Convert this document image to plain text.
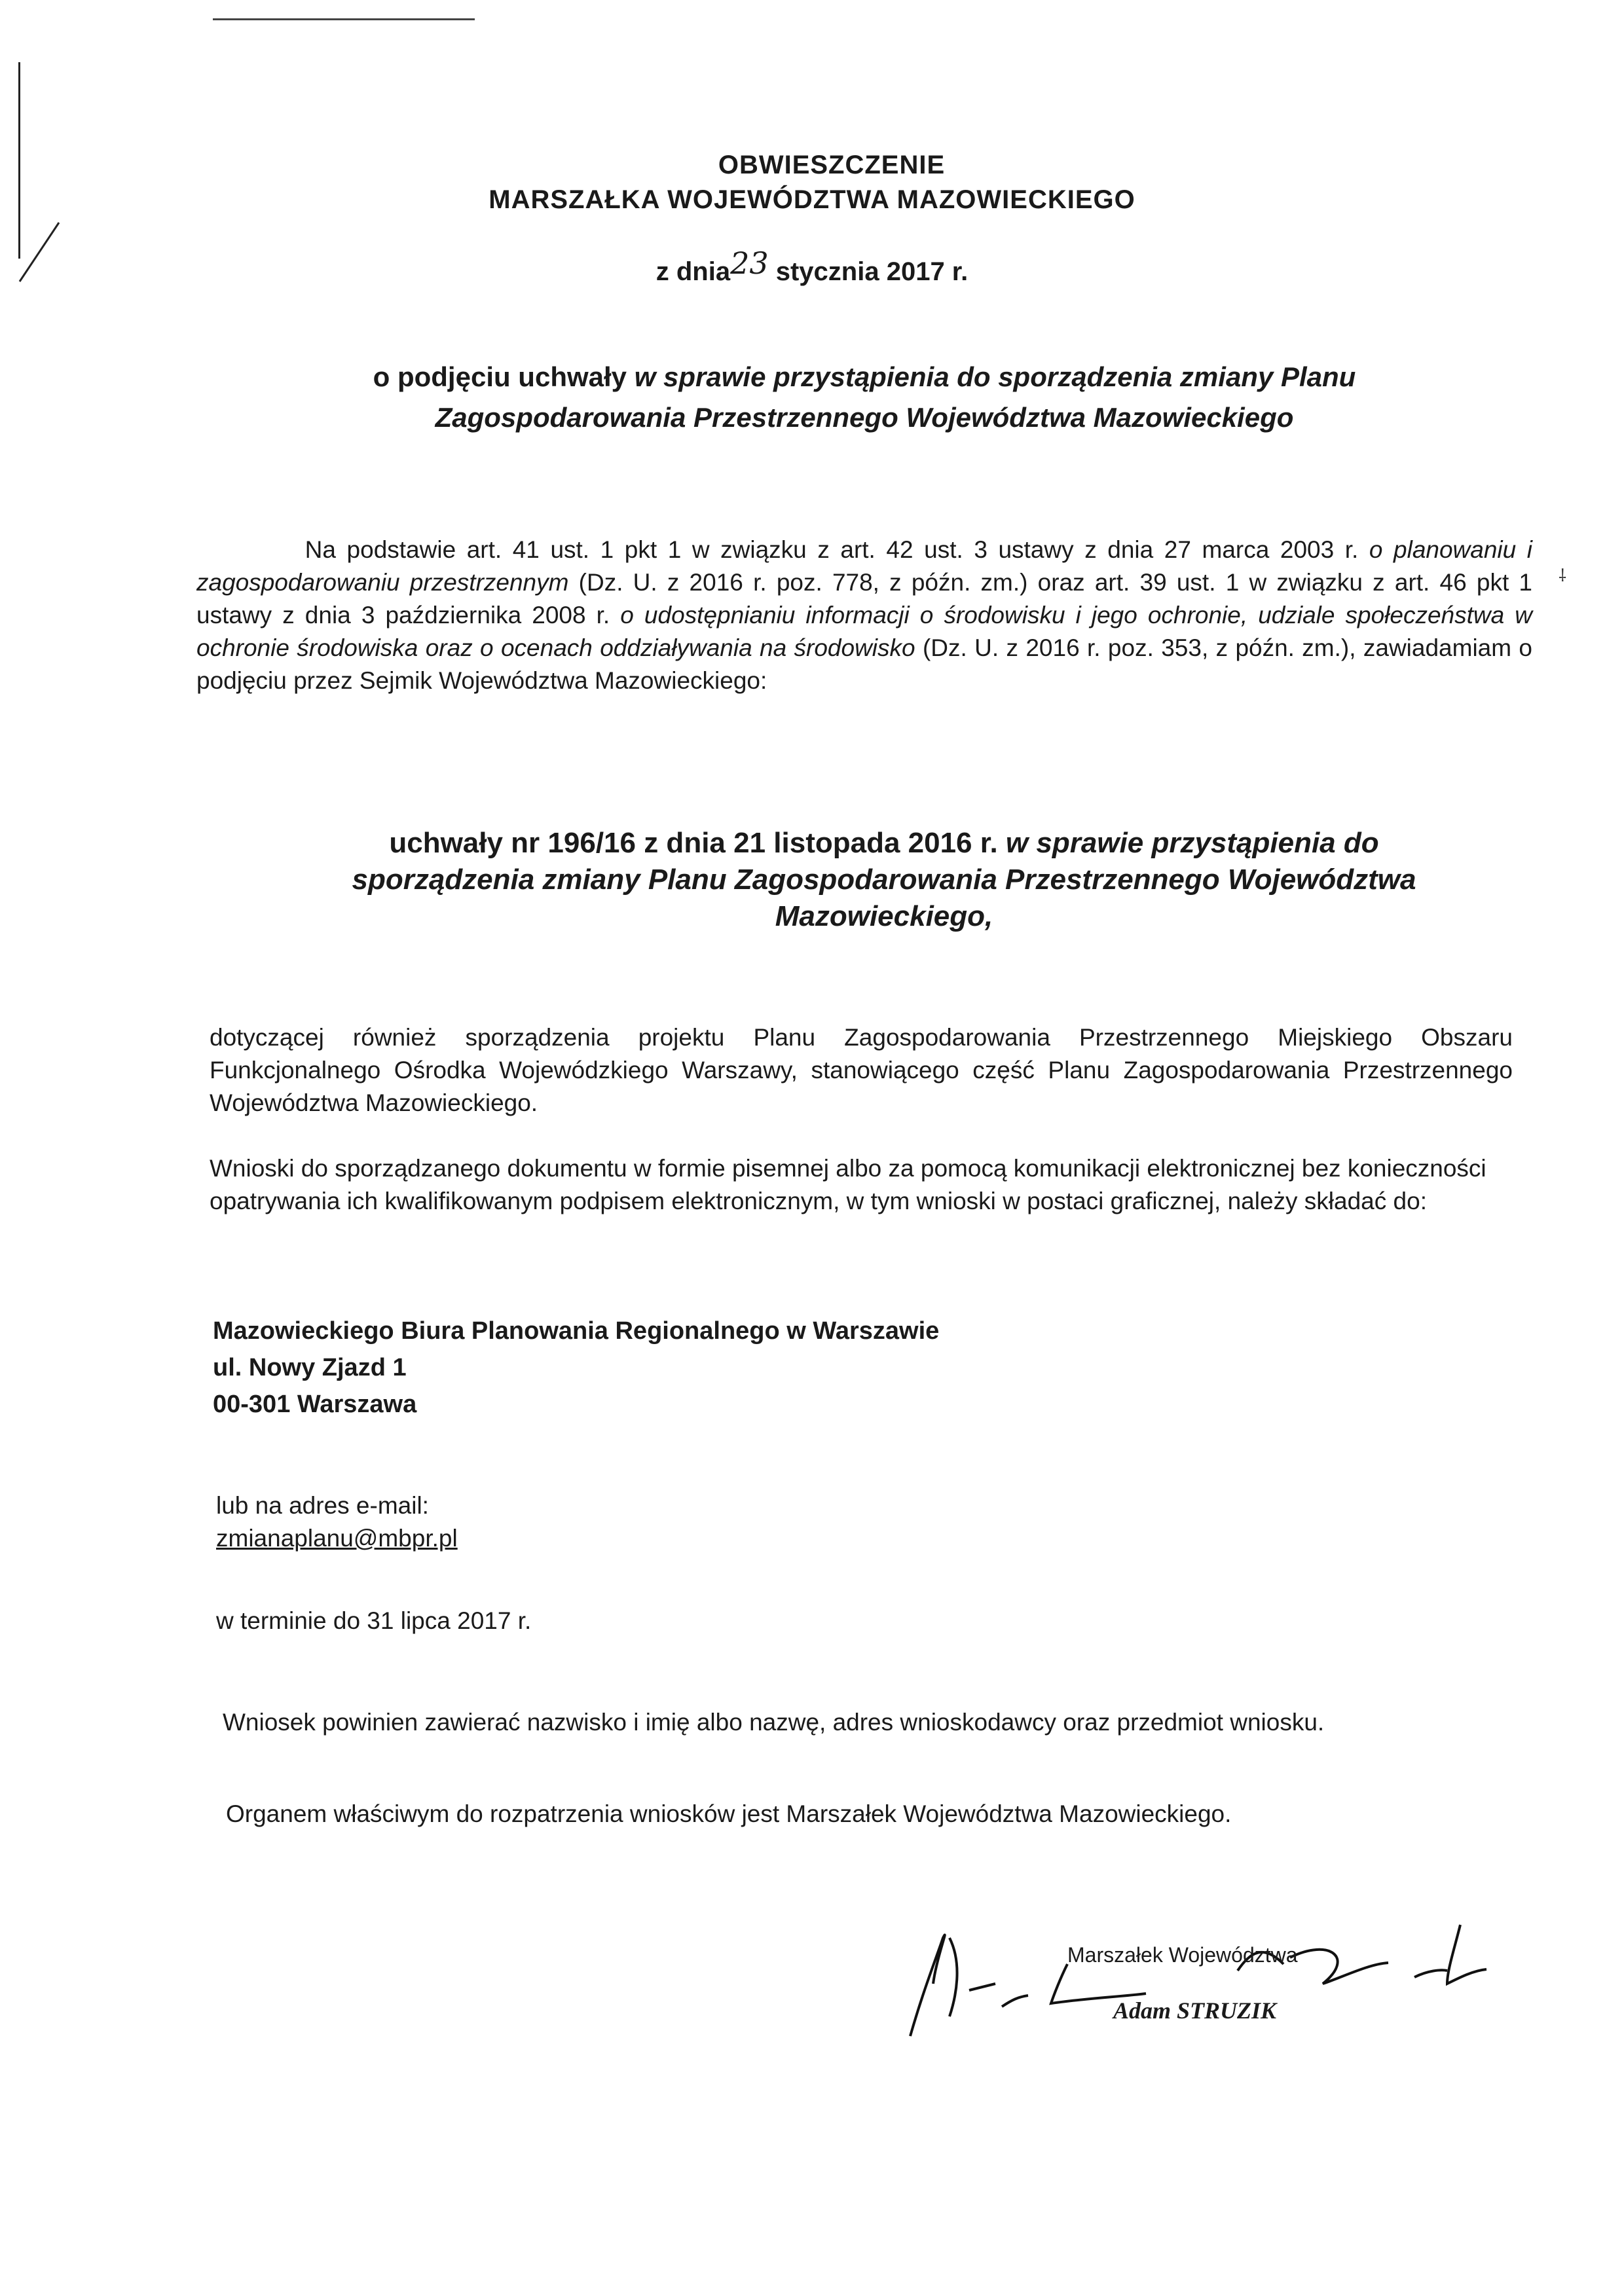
OBWIESZCZENIE
MARSZAŁKA WOJEWÓDZTWA MAZOWIECKIEGO
z dnia23 stycznia 2017 r.
o podjęciu uchwały w sprawie przystąpienia do sporządzenia zmiany Planu Zagospodarowania Przestrzennego Województwa Mazowieckiego
Na podstawie art. 41 ust. 1 pkt 1 w związku z art. 42 ust. 3 ustawy z dnia 27 marca 2003 r. o planowaniu i zagospodarowaniu przestrzennym (Dz. U. z 2016 r. poz. 778, z późn. zm.) oraz art. 39 ust. 1 w związku z art. 46 pkt 1 ustawy z dnia 3 października 2008 r. o udostępnianiu informacji o środowisku i jego ochronie, udziale społeczeństwa w ochronie środowiska oraz o ocenach oddziaływania na środowisko (Dz. U. z 2016 r. poz. 353, z późn. zm.), zawiadamiam o podjęciu przez Sejmik Województwa Mazowieckiego:
⸸
uchwały nr 196/16 z dnia 21 listopada 2016 r. w sprawie przystąpienia do sporządzenia zmiany Planu Zagospodarowania Przestrzennego Województwa Mazowieckiego,
dotyczącej również sporządzenia projektu Planu Zagospodarowania Przestrzennego Miejskiego Obszaru Funkcjonalnego Ośrodka Wojewódzkiego Warszawy, stanowiącego część Planu Zagospodarowania Przestrzennego Województwa Mazowieckiego.
Wnioski do sporządzanego dokumentu w formie pisemnej albo za pomocą komunikacji elektronicznej bez konieczności opatrywania ich kwalifikowanym podpisem elektronicznym, w tym wnioski w postaci graficznej, należy składać do:
Mazowieckiego Biura Planowania Regionalnego w Warszawie
ul. Nowy Zjazd 1
00-301 Warszawa
lub na adres e-mail:
zmianaplanu@mbpr.pl
w terminie do 31 lipca 2017 r.
Wniosek powinien zawierać nazwisko i imię albo nazwę, adres wnioskodawcy oraz przedmiot wniosku.
Organem właściwym do rozpatrzenia wniosków jest Marszałek Województwa Mazowieckiego.
Marszałek Województwa
Adam STRUZIK
